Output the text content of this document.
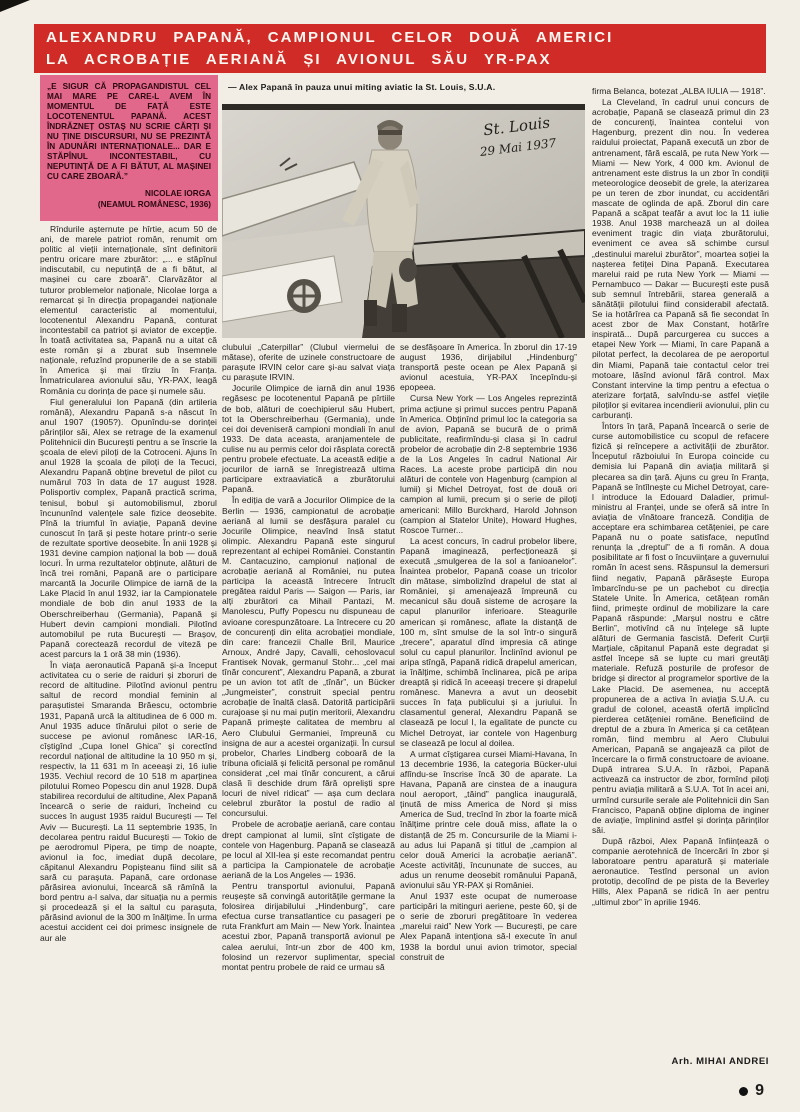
ALEXANDRU PAPANĂ, CAMPIONUL CELOR DOUĂ AMERICI
LA ACROBAȚIE AERIANĂ ȘI AVIONUL SĂU YR-PAX
„E SIGUR CĂ PROPAGANDISTUL CEL MAI MARE PE CARE-L AVEM ÎN MOMENTUL DE FAȚĂ ESTE LOCOTENENTUL PAPANĂ. ACEST ÎNDRĂZNEȚ OSTAȘ NU SCRIE CĂRȚI ȘI NU ȚINE DISCURSURI, NU SE PREZINTĂ ÎN ADUNĂRI INTERNAȚIONALE... DAR E STĂPÎNUL INCONTESTABIL, CU NEPUTINȚĂ DE A FI BĂTUT, AL MAȘINEI CU CARE ZBOARĂ.”
NICOLAE IORGA
(NEAMUL ROMÂNESC, 1936)
— Alex Papană în pauza unui miting aviatic la St. Louis, S.U.A.
St. Louis
29 Mai 1937

Rîndurile așternute pe hîrtie, acum 50 de ani, de marele patriot român, renumit om politic al vieții internaționale, sînt definitorii pentru oricare mare zburător: „... e stăpînul indiscutabil, cu neputință de a fi bătut, al mașinei cu care zboară”. Clarvăzător al tuturor problemelor naționale, Nicolae Iorga a remarcat și în direcția propagandei naționale elementul caracteristic al momentului, locotenentul Alexandru Papană, conturat incontestabil ca patriot și aviator de excepție. În toată activitatea sa, Papană nu a uitat că este român și a zburat sub însemnele naționale, refuzînd propunerile de a se stabili în America și mai tîrziu în Franța. Înmatricularea avionului său, YR-PAX, leagă România cu dorința de pace și numele său.

Fiul generalului Ion Papană (din artileria română), Alexandru Papană s-a născut în anul 1907 (1905?). Opunîndu-se dorinței părinților săi, Alex se retrage de la examenul Politehnicii din București pentru a se înscrie la școala de elevi piloți de la Cotroceni. Ajuns în anul 1928 la școala de piloți de la Tecuci, Alexandru Papană obține brevetul de pilot cu numărul 703 în data de 17 august 1928. Polisportiv complex, Papană practică scrima, tenisul, bobul și automobilismul, zborul încununînd valențele sale fizice deosebite. Pînă la triumful în aviație, Papană devine cunoscut în țară și peste hotare printr-o serie de rezultate sportive deosebite. În anii 1928 și 1931 devine campion național la bob — două locuri. În urma rezultatelor obținute, alături de încă trei români, Papană are o participare marcantă la Jocurile Olimpice de iarnă de la Lake Placid în anul 1932, iar la Campionatele mondiale de bob din anul 1933 de la Oberschreiberhau (Germania), Papană și Hubert devin campioni mondiali. Pilotînd automobilul pe ruta București — Brașov, Papană corectează recordul de viteză pe acest parcurs la 1 oră 38 min (1936).

În viața aeronautică Papană și-a început activitatea cu o serie de raiduri și zboruri de record de altitudine. Pilotînd avionul pentru saltul de record mondial feminin al parașutistei Smaranda Brăescu, octombrie 1931, Papană urcă la altitudinea de 6 000 m. Anul 1935 aduce tînărului pilot o serie de succese pe avionul românesc IAR-16, cîștigînd „Cupa Ionel Ghica” și corectînd recordul național de altitudine la 10 950 m și, respectiv, la 11 631 m în aceeași zi, 16 iulie 1935. Vechiul record de 10 518 m aparținea pilotului Romeo Popescu din anul 1928. După stabilirea recordului de altitudine, Alex Papană încearcă o serie de raiduri, încheind cu succes în august 1935 raidul București — Tel Aviv — București. La 11 septembrie 1935, în decolarea pentru raidul București — Tokio de pe aerodromul Pipera, pe timp de noapte, avionul ia foc, imediat după decolare, căpitanul Alexandru Popișteanu fiind silit să sară cu parașuta. Papană, care ordonase părăsirea avionului, încearcă să rămînă la bord pentru a-l salva, dar situația nu a permis și procedează și el la saltul cu parașuta, părăsind avionul de la 300 m înălțime. În urma acestui accident cei doi primesc insignele de aur ale

clubului „Caterpillar” (Clubul viermelui de mătase), oferite de uzinele constructoare de parașute IRVIN celor care și-au salvat viața cu parașute IRVIN.

Jocurile Olimpice de iarnă din anul 1936 regăsesc pe locotenentul Papană pe pîrtiile de bob, alături de coechipierul său Hubert, tot la Oberschreiberhau (Germania), unde cei doi deveniseră campioni mondiali în anul 1933. De data aceasta, aranjamentele de culise nu au permis celor doi răsplata corectă pentru probele efectuate. La această ediție a jocurilor de iarnă se înregistrează ultima participare extraaviatică a zburătorului Papană.

În ediția de vară a Jocurilor Olimpice de la Berlin — 1936, campionatul de acrobație aeriană al lumii se desfășura paralel cu Jocurile Olimpice, neavînd însă statut olimpic. Alexandru Papană este singurul reprezentant al echipei României. Constantin M. Cantacuzino, campionul național de acrobație aeriană al României, nu putea participa la această întrecere întrucît pregătea raidul Paris — Saigon — Paris, iar alți zburători ca Mihail Pantazi, M. Manolescu, Puffy Popescu nu dispuneau de avioane corespunzătoare. La întrecere cu 20 de concurenți din elita acrobației mondiale, din care: francezii Challe Bril, Maurice Arnoux, André Japy, Cavalli, cehoslovacul Frantisek Novak, germanul Stohr... „cel mai tînăr concurent”, Alexandru Papană, a zburat pe un avion tot atît de „tînăr”, un Bücker „Jungmeister”, construit special pentru acrobație de înaltă clasă. Datorită participării curajoase și nu mai puțin meritorii, Alexandru Papană primește calitatea de membru al Aero Clubului Germaniei, împreună cu insigna de aur a acestei organizații. În cursul probelor, Charles Lindberg coboară de la tribuna oficială și felicită personal pe românul considerat „cel mai tînăr concurent, a cărui clasă îi deschide drum fără opreliști spre locuri de nivel ridicat” — așa cum declara celebrul zburător la postul de radio al concursului.

Probele de acrobație aeriană, care contau drept campionat al lumii, sînt cîștigate de contele von Hagenburg. Papană se clasează pe locul al XII-lea și este recomandat pentru a participa la Campionatele de acrobație aeriană de la Los Angeles — 1936.

Pentru transportul avionului, Papană reușește să convingă autoritățile germane la folosirea dirijabilului „Hindenburg”, care efectua curse transatlantice cu pasageri pe ruta Frankfurt am Main — New York. Înaintea acestui zbor, Papană transportă avionul pe calea aerului, într-un zbor de 400 km, folosind un rezervor suplimentar, special montat pentru probele de raid ce urmau să

se desfășoare în America. În zborul din 17-19 august 1936, dirijabilul „Hindenburg” transportă peste ocean pe Alex Papană și avionul acestuia, YR-PAX începîndu-și epopeea.

Cursa New York — Los Angeles reprezintă prima acțiune și primul succes pentru Papană în America. Obținînd primul loc la categoria sa de avion, Papană se bucură de o primă publicitate, reafirmîndu-și clasa și în cadrul probelor de acrobație din 2-8 septembrie 1936 de la Los Angeles în cadrul National Air Races. La aceste probe participă din nou alături de contele von Hagenburg (campion al lumii) și Michel Detroyat, fost de două ori campion al lumii, precum și o serie de piloți americani: Millo Burckhard, Harold Johnson (campion al Statelor Unite), Howard Hughes, Roscoe Turner...

La acest concurs, în cadrul probelor libere, Papană imaginează, perfecționează și execută „smulgerea de la sol a fanioanelor”. Înaintea probelor, Papană coase un tricolor din mătase, simbolizînd drapelul de stat al României, și amenajează împreună cu mecanicul său două sisteme de acroșare la capul planurilor inferioare. Steagurile american și românesc, aflate la distanță de 100 m, sînt smulse de la sol într-o singură „trecere”, aparatul dînd impresia că atinge solul cu capul planurilor. Înclinînd avionul pe aripa stîngă, Papană ridică drapelul american, ia înălțime, schimbă înclinarea, pică pe aripa dreaptă și ridică în aceeași trecere și drapelul românesc. Manevra a avut un deosebit succes în fața publicului și a juriului. În clasamentul general, Alexandru Papană se clasează pe locul I, la egalitate de puncte cu Michel Detroyat, iar contele von Hagenburg se clasează pe locul al doilea.

A urmat cîștigarea cursei Miami-Havana, în 13 decembrie 1936, la categoria Bücker-ului aflîndu-se înscrise încă 30 de aparate. La Havana, Papană are cinstea de a inaugura noul aeroport, „tăind” panglica inaugurală, ținută de miss America de Nord și miss America de Sud, trecînd în zbor la foarte mică înălțime printre cele două miss, aflate la o distanță de 25 m. Concursurile de la Miami i-au adus lui Papană și titlul de „campion al celor două Americi la acrobație aeriană”. Aceste activități, încununate de succes, au adus un renume deosebit românului Papană, avionului său YR-PAX și României.

Anul 1937 este ocupat de numeroase participări la mitinguri aeriene, peste 60, și de o serie de zboruri pregătitoare în vederea „marelui raid” New York — București, pe care Alex Papană intenționa să-l execute în anul 1938 la bordul unui avion trimotor, special construit de

firma Belanca, botezat „ALBA IULIA — 1918”.

La Cleveland, în cadrul unui concurs de acrobație, Papană se clasează primul din 23 de concurenți, înaintea contelui von Hagenburg, prezent din nou. În vederea raidului proiectat, Papană execută un zbor de antrenament, fără escală, pe ruta New York — Miami — New York, 4 000 km. Avionul de antrenament este distrus la un zbor în condiții meteorologice deosebit de grele, la aterizarea pe un teren de zbor inundat, cu accidentări mascate de oglinda de apă. Zborul din care Papană a scăpat teafăr a avut loc la 11 iulie 1938. Anul 1938 marchează un al doilea eveniment tragic din viața zburătorului, eveniment ce avea să schimbe cursul „destinului marelui zburător”, moartea soției la nașterea fetiței Dina Papană. Executarea marelui raid pe ruta New York — Miami — Pernambuco — Dakar — București este pusă sub semnul întrebării, starea generală a sănătății pilotului fiind considerabil afectată. Se ia hotărîrea ca Papană să fie secondat în acest zbor de Max Constant, hotărîre inspirată... După parcurgerea cu succes a etapei New York — Miami, în care Papană a pilotat perfect, la decolarea de pe aeroportul din Miami, Papană taie contactul celor trei motoare, lăsînd avionul fără control. Max Constant intervine la timp pentru a efectua o aterizare forțată, salvîndu-se astfel viețile piloților și evitarea incendierii avionului, plin cu carburanți.

Întors în țară, Papană încearcă o serie de curse automobilistice cu scopul de refacere fizică și reîncepere a activității de zburător. Începutul războiului în Europa coincide cu demisia lui Papană din aviația militară și plecarea sa din țară. Ajuns cu greu în Franța, Papană se întîlnește cu Michel Detroyat, care-l introduce la Edouard Daladier, primul-ministru al Franței, unde se oferă să intre în aviația de vînătoare franceză. Condiția de acceptare era schimbarea cetățeniei, pe care Papană nu o poate satisface, neputînd renunța la „dreptul” de a fi român. A doua posibilitate ar fi fost o încuviințare a guvernului român în acest sens. Răspunsul la demersuri fiind negativ, Papană părăsește Europa îmbarcîndu-se pe un pachebot cu direcția Statele Unite. În America, cetățean român fiind, primește ordinul de mobilizare la care Papană răspunde: „Marșul nostru e către Berlin”, motivînd că nu înțelege să lupte alături de Germania fascistă. Deferit Curții Marțiale, căpitanul Papană este degradat și astfel începe să se lupte cu mari greutăți materiale. Refuză posturile de profesor de bridge și director al programelor sportive de la Lake Placid. De asemenea, nu acceptă propunerea de a activa în aviația S.U.A. cu gradul de colonel, această ofertă implicînd pierderea cetățeniei române. Beneficiind de dreptul de a zbura în America și ca cetățean român, fiind membru al Aero Clubului American, Papană se angajează ca pilot de încercare la o firmă constructoare de avioane. După intrarea S.U.A. în război, Papană activează ca instructor de zbor, formînd piloți pentru aviația militară a S.U.A. Tot în acei ani, urmînd cursurile serale ale Politehnicii din San Francisco, Papană obține diploma de inginer de aviație, împlinind astfel și dorința părinților săi.

După război, Alex Papană înființează o companie aerotehnică de încercări în zbor și laboratoare pentru aparatură și materiale aeronautice. Testînd personal un avion prototip, decolînd de pe pista de la Beverley Hills, Alex Papană se ridică în aer pentru „ultimul zbor” în aprilie 1946.

Arh. MIHAI ANDREI
9
